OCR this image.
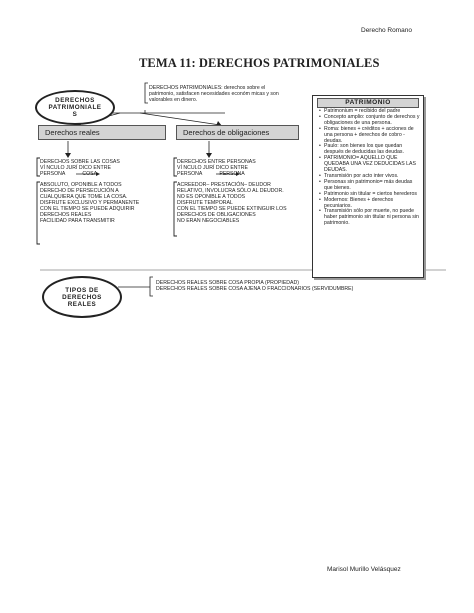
Derecho Romano
TEMA 11: DERECHOS PATRIMONIALES
DERECHOS
PATRIMONIALE
S
DERECHOS PATRIMONIALES: derechos sobre el
patrimonio, satisfacen necesidades económ micas y son
valorables en dinero.
Derechos reales	Derechos de obligaciones
DERECHOS SOBRE LAS COSAS
VÍ NCULO JURÍ DICO ENTRE
PERSONA            COSA
ABSOLUTO, OPONIBLE A TODOS
DERECHO DE PERSECUCIÓN A
CUALQUIERA QUE TOME LA COSA.
DISFRUTE EXCLUSIVO Y PERMANENTE
CON EL TIEMPO SE PUEDE ADQUIRIR
DERECHOS REALES
FACILIDAD PARA TRANSMITIR
DERECHOS ENTRE PERSONAS
VÍ NCULO JURÍ DICO ENTRE
PERSONA            PERSONA
ACREEDOR– PRESTACIÓN– DEUDOR
RELATIVO, INVOLUCRA SÓLO AL DEUDOR.
NO ES OPONIBLE A TODOS
DISFRUTE TEMPORAL
CON EL TIEMPO SE PUEDE EXTINGUIR LOS
DERECHOS DE OBLIGACIONES
NO ERAN NEGOCIABLES
PATRIMONIO
• Patrimonium = recibido del padre
• Concepto amplio: conjunto de derechos y obligaciones de una persona.
• Roma: bienes + créditos + acciones de una persona + derechos de cobro - deudas.
• Paulo: son bienes los que quedan después de deducidas las deudas.
• PATRIMONIO= AQUELLO QUE QUEDABA UNA VEZ DEDUCIDAS LAS DEUDAS.
• Transmisión por acto inter vivos.
• Personas sin patrimonio= más deudas que bienes.
• Patrimonio sin titular = ciertos herederos
• Modernos: Bienes + derechos pecuniarios.
• Transmisión sólo por muerte, no puede haber patrimonio sin titular ni persona sin patrimonio.
TIPOS DE
DERECHOS
REALES
DERECHOS REALES SOBRE COSA PROPIA (PROPIEDAD)
DERECHOS REALES SOBRE COSA AJENA O FRACCIONARIOS (SERVIDUMBRE)
Marisol Murillo Velásquez
